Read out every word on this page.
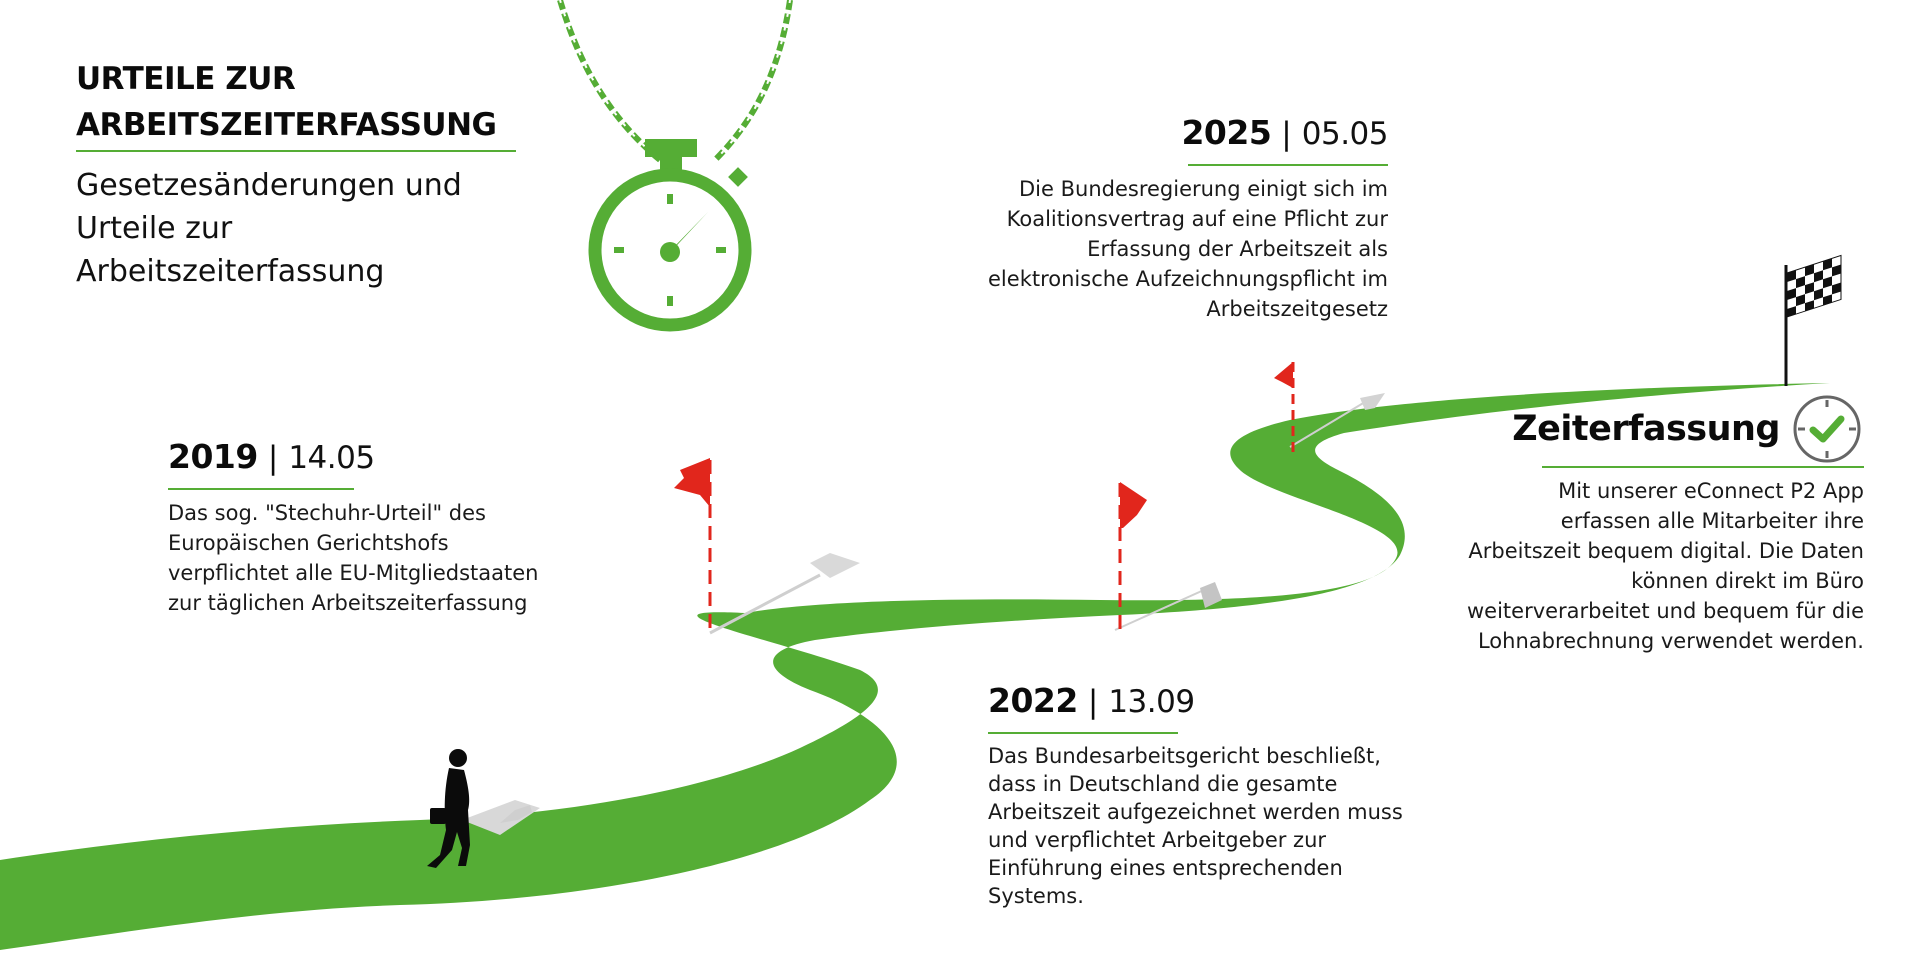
URTEILE ZUR
ARBEITSZEITERFASSUNG
Gesetzesänderungen und
Urteile zur
Arbeitszeiterfassung
2019 | 14.05
Das sog. "Stechuhr-Urteil" des
Europäischen Gerichtshofs
verpflichtet alle EU-Mitgliedstaaten
zur täglichen Arbeitszeiterfassung
2022 | 13.09
Das Bundesarbeitsgericht beschließt,
dass in Deutschland die gesamte
Arbeitszeit aufgezeichnet werden muss
und verpflichtet Arbeitgeber zur
Einführung eines entsprechenden
Systems.
2025 | 05.05
Die Bundesregierung einigt sich im
Koalitionsvertrag auf eine Pflicht zur
Erfassung der Arbeitszeit als
elektronische Aufzeichnungspflicht im
Arbeitszeitgesetz
Zeiterfassung
Mit unserer eConnect P2 App
erfassen alle Mitarbeiter ihre
Arbeitszeit bequem digital. Die Daten
können direkt im Büro
weiterverarbeitet und bequem für die
Lohnabrechnung verwendet werden.
